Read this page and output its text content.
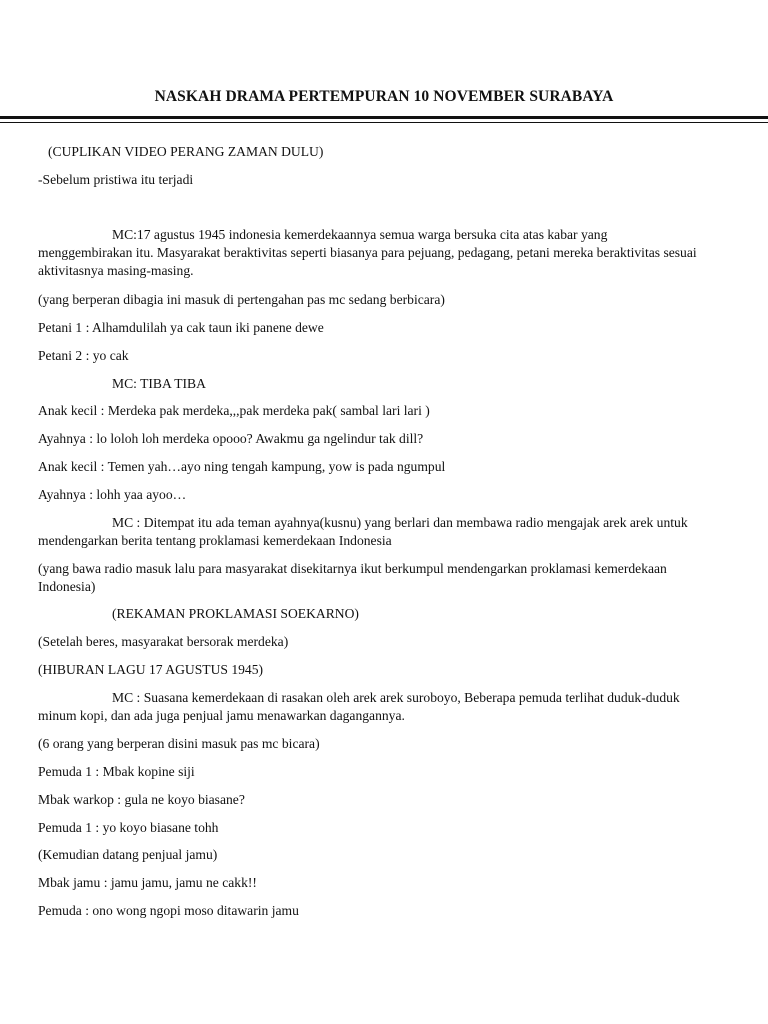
NASKAH DRAMA PERTEMPURAN 10 NOVEMBER SURABAYA
(CUPLIKAN VIDEO PERANG ZAMAN DULU)
-Sebelum pristiwa itu terjadi
MC:17 agustus 1945 indonesia kemerdekaannya semua warga bersuka cita atas kabar yang menggembirakan itu. Masyarakat beraktivitas seperti biasanya para pejuang, pedagang, petani mereka beraktivitas sesuai aktivitasnya masing-masing.
(yang berperan dibagia ini masuk di pertengahan pas mc sedang berbicara)
Petani 1 : Alhamdulilah ya cak taun iki panene dewe
Petani 2 : yo cak
MC: TIBA TIBA
Anak kecil : Merdeka pak merdeka,,,pak merdeka pak( sambal lari lari )
Ayahnya : lo loloh loh merdeka opooo? Awakmu ga ngelindur tak dill?
Anak kecil : Temen yah…ayo ning tengah kampung, yow is pada ngumpul
Ayahnya : lohh yaa ayoo…
MC : Ditempat itu ada teman ayahnya(kusnu) yang berlari dan membawa radio mengajak arek arek untuk mendengarkan berita tentang proklamasi kemerdekaan Indonesia
(yang bawa radio masuk lalu para masyarakat disekitarnya ikut berkumpul mendengarkan proklamasi kemerdekaan Indonesia)
(REKAMAN PROKLAMASI SOEKARNO)
(Setelah beres, masyarakat bersorak merdeka)
(HIBURAN LAGU 17 AGUSTUS 1945)
MC : Suasana kemerdekaan di rasakan oleh arek arek suroboyo, Beberapa pemuda terlihat duduk-duduk minum kopi, dan ada juga penjual jamu menawarkan dagangannya.
(6 orang yang berperan disini masuk pas mc bicara)
Pemuda 1 : Mbak kopine siji
Mbak warkop : gula ne koyo biasane?
Pemuda 1 : yo koyo biasane tohh
(Kemudian datang penjual jamu)
Mbak jamu : jamu jamu, jamu ne cakk!!
Pemuda : ono wong ngopi moso ditawarin jamu
